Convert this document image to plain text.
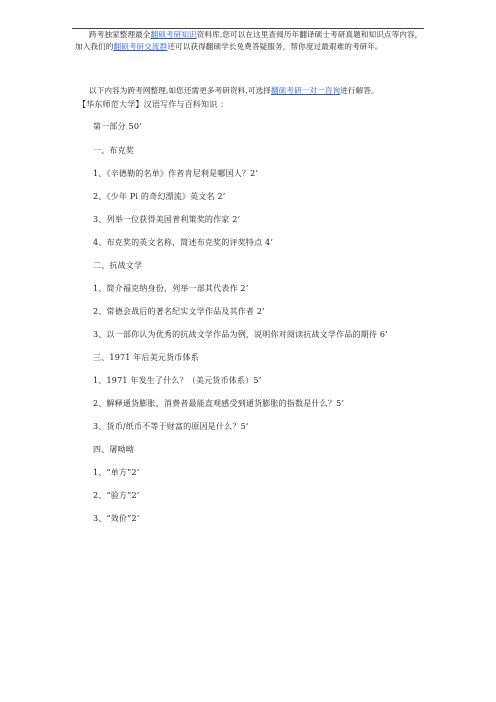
跨考独家整理最全翻硕考研知识资料库,您可以在这里查阅历年翻译硕士考研真题和知识点等内容，加入我们的翻硕考研交流群还可以获得翻硕学长免费答疑服务，帮你度过最艰难的考研年。

以下内容为跨考网整理,如您还需更多考研资料,可选择翻硕考研一对一咨询进行解答。

【华东师范大学】汉语写作与百科知识 ：
第一部分 50’
一、布克奖
1、《辛德勒的名单》作者肯尼利是哪国人？2’
2、《少年 Pi 的奇幻漂流》英文名 2’
3、列举一位获得美国普利策奖的作家 2’
4、布克奖的英文名称，简述布克奖的评奖特点 4’
二、抗战文学
1、简介福克纳身份，列举一部其代表作 2’
2、常德会战后的著名纪实文学作品及其作者 2’
3、以一部你认为优秀的抗战文学作品为例，说明你对阅读抗战文学作品的期待 6’
三、1971 年后美元货币体系
1、1971 年发生了什么？（美元货币体系）5‘
2、解释通货膨胀，消费者最能直观感受到通货膨胀的指数是什么？5‘
3、货币/纸币不等于财富的原因是什么？5‘
四、屠呦呦
1、“单方”2’
2、“验方”2’
3、“效价”2’
